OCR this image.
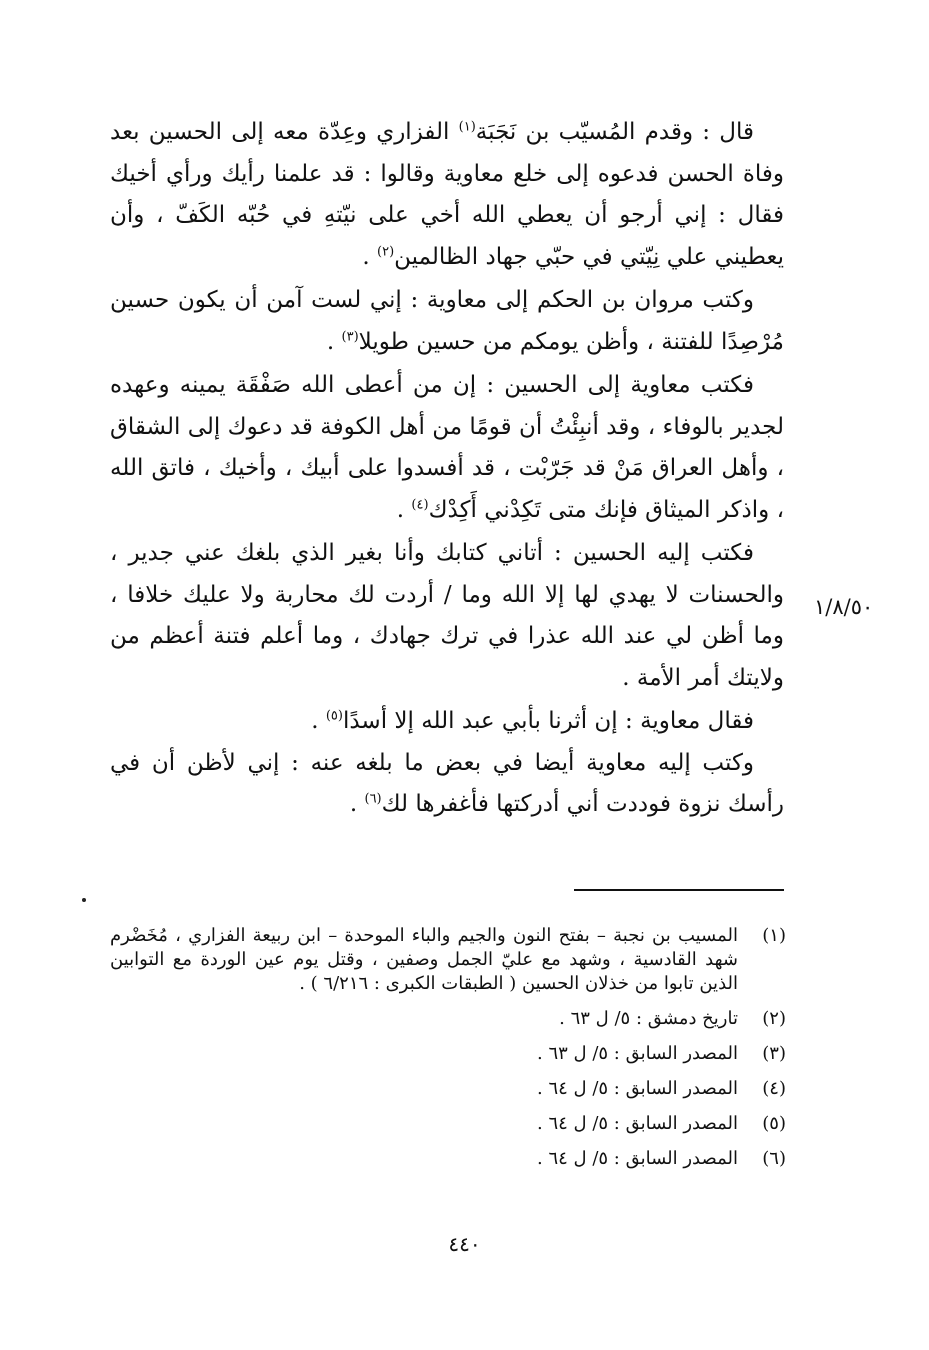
قال : وقدم المُسيّب بن نَجَبَة$^{(١)}$ الفزاري وعِدّة معه إلى الحسين بعد وفاة الحسن فدعوه إلى خلع معاوية وقالوا : قد علمنا رأيك ورأي أخيك فقال : إني أرجو أن يعطي الله أخي على نيّتهِ في حُبّه الكَفّ ، وأن يعطيني علي نِيّتي في حبّي جهاد الظالمين$^{(٢)}$ .

وكتب مروان بن الحكم إلى معاوية : إني لست آمن أن يكون حسين مُرْصِدًا للفتنة ، وأظن يومكم من حسين طويلا$^{(٣)}$ .

فكتب معاوية إلى الحسين : إن من أعطى الله صَفْقَة يمينه وعهده لجدير بالوفاء ، وقد أنبِئْتُ أن قومًا من أهل الكوفة قد دعوك إلى الشقاق ، وأهل العراق مَنْ قد جَرّبْت ، قد أفسدوا على أبيك ، وأخيك ، فاتق الله ، واذكر الميثاق فإنك متى تَكِدْني أَكِدْك$^{(٤)}$ .

فكتب إليه الحسين : أتاني كتابك وأنا بغير الذي بلغك عني جدير ، والحسنات لا يهدي لها إلا الله وما / أردت لك محاربة ولا عليك خلافا ، وما أظن لي عند الله عذرا في ترك جهادك ، وما أعلم فتنة أعظم من ولايتك أمر الأمة .

فقال معاوية : إن أثرنا بأبي عبد الله إلا أسدًا$^{(٥)}$ .

وكتب إليه معاوية أيضا في بعض ما بلغه عنه : إني لأظن أن في رأسك نزوة فوددت أني أدركتها فأغفرها لك$^{(٦)}$ .

١/٨/٥٠
(١)
المسيب بن نجبة – بفتح النون والجيم والباء الموحدة – ابن ربيعة الفزاري ، مُخَضْرم شهد القادسية ، وشهد مع عليّ الجمل وصفين ، وقتل يوم عين الوردة مع التوابين الذين تابوا من خذلان الحسين ( الطبقات الكبرى : ٦/٢١٦ ) .
(٢)
تاريخ دمشق : ٥/ ل ٦٣ .
(٣)
المصدر السابق : ٥/ ل ٦٣ .
(٤)
المصدر السابق : ٥/ ل ٦٤ .
(٥)
المصدر السابق : ٥/ ل ٦٤ .
(٦)
المصدر السابق : ٥/ ل ٦٤ .
٤٤٠
